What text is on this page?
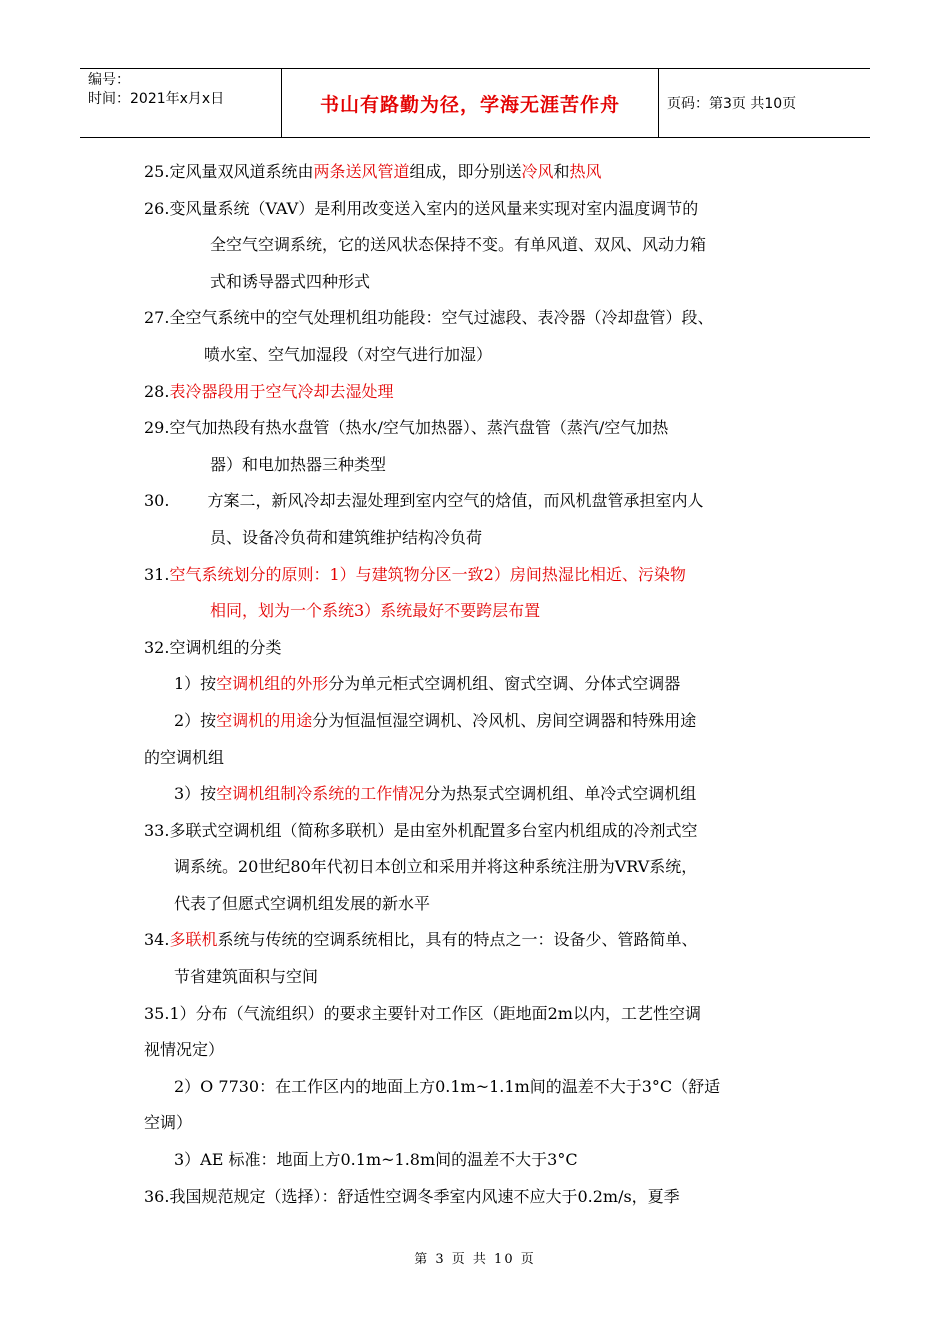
编号：
时间：2021年x月x日	书山有路勤为径，学海无涯苦作舟	页码：第3页 共10页
25.定风量双风道系统由两条送风管道组成，即分别送冷风和热风
26.变风量系统（VAV）是利用改变送入室内的送风量来实现对室内温度调节的
全空气空调系统，它的送风状态保持不变。有单风道、双风、风动力箱
式和诱导器式四种形式
27.全空气系统中的空气处理机组功能段：空气过滤段、表冷器（冷却盘管）段、
喷水室、空气加湿段（对空气进行加湿）
28.表冷器段用于空气冷却去湿处理
29.空气加热段有热水盘管（热水/空气加热器）、蒸汽盘管（蒸汽/空气加热
器）和电加热器三种类型
30. 方案二，新风冷却去湿处理到室内空气的焓值，而风机盘管承担室内人
员、设备冷负荷和建筑维护结构冷负荷
31.空气系统划分的原则：1）与建筑物分区一致2）房间热湿比相近、污染物
相同，划为一个系统3）系统最好不要跨层布置
32.空调机组的分类
1）按空调机组的外形分为单元柜式空调机组、窗式空调、分体式空调器
2）按空调机的用途分为恒温恒湿空调机、冷风机、房间空调器和特殊用途
的空调机组
3）按空调机组制冷系统的工作情况分为热泵式空调机组、单冷式空调机组
33.多联式空调机组（简称多联机）是由室外机配置多台室内机组成的冷剂式空
调系统。20世纪80年代初日本创立和采用并将这种系统注册为VRV系统，
代表了但愿式空调机组发展的新水平
34.多联机系统与传统的空调系统相比，具有的特点之一：设备少、管路简单、
节省建筑面积与空间
35.1）分布（气流组织）的要求主要针对工作区（距地面2m以内，工艺性空调
视情况定）
2）O 7730：在工作区内的地面上方0.1m~1.1m间的温差不大于3°C（舒适
空调）
3）AE 标准：地面上方0.1m~1.8m间的温差不大于3°C
36.我国规范规定（选择）：舒适性空调冬季室内风速不应大于0.2m/s，夏季
第 3 页 共 10 页
